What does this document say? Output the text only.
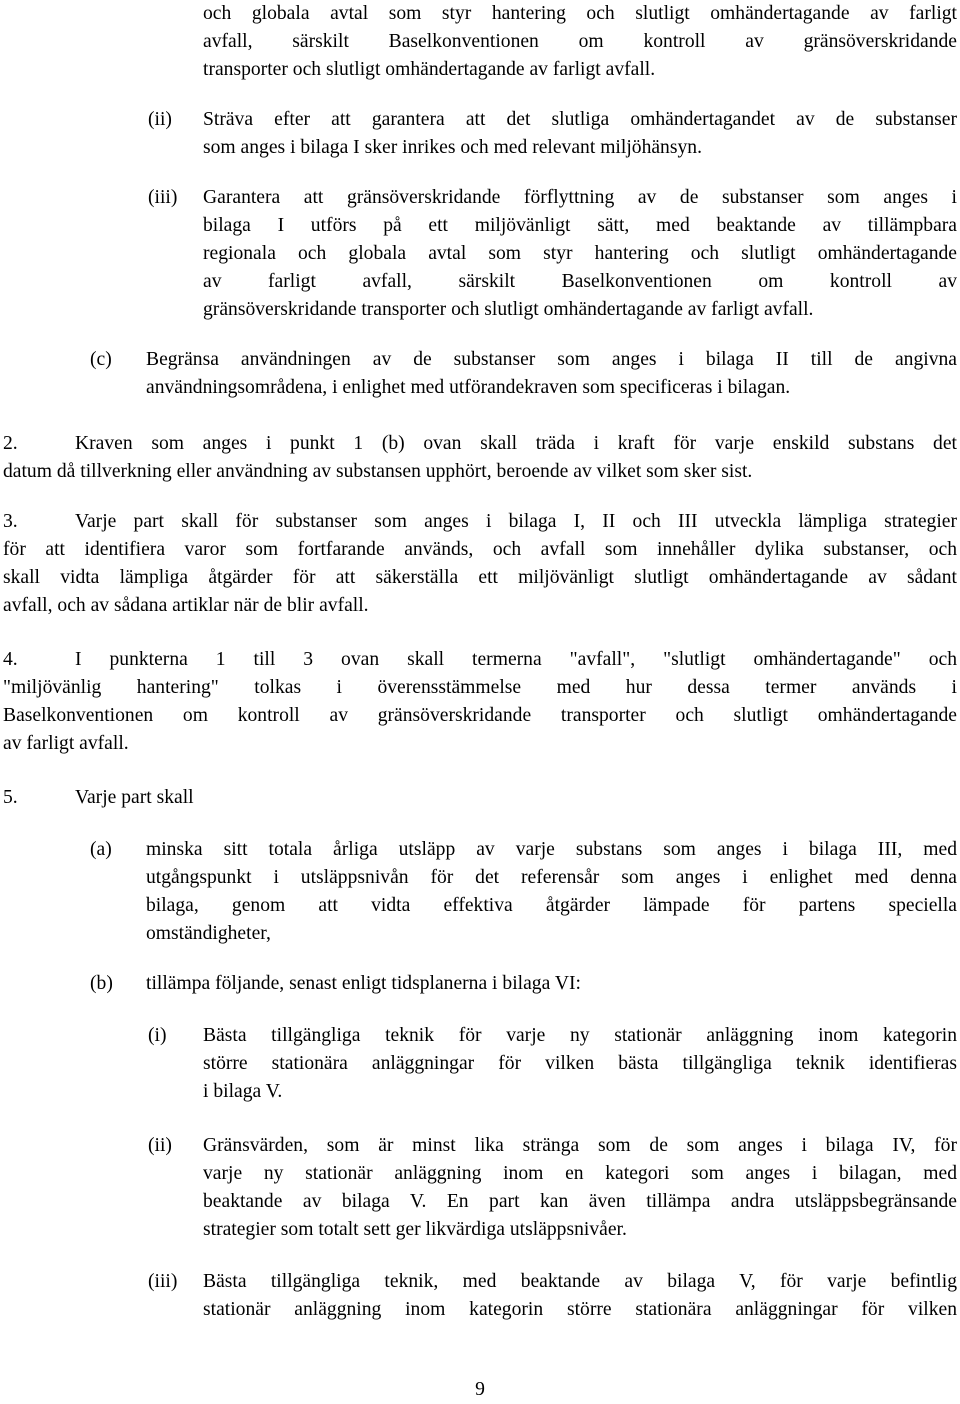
och globala avtal som styr hantering och slutligt omhändertagande av farligt
avfall, särskilt Baselkonventionen om kontroll av gränsöverskridande
transporter och slutligt omhändertagande av farligt avfall.
(ii) Sträva efter att garantera att det slutliga omhändertagandet av de substanser
som anges i bilaga I sker inrikes och med relevant miljöhänsyn.
(iii) Garantera att gränsöverskridande förflyttning av de substanser som anges i
bilaga I utförs på ett miljövänligt sätt, med beaktande av tillämpbara
regionala och globala avtal som styr hantering och slutligt omhändertagande
av farligt avfall, särskilt Baselkonventionen om kontroll av
gränsöverskridande transporter och slutligt omhändertagande av farligt avfall.
(c) Begränsa användningen av de substanser som anges i bilaga II till de angivna
användningsområdena, i enlighet med utförandekraven som specificeras i bilagan.
2.	Kraven som anges i punkt 1 (b) ovan skall träda i kraft för varje enskild substans det
datum då tillverkning eller användning av substansen upphört, beroende av vilket som sker sist.
3.	Varje part skall för substanser som anges i bilaga I, II och III utveckla lämpliga strategier
för att identifiera varor som fortfarande används, och avfall som innehåller dylika substanser, och
skall vidta lämpliga åtgärder för att säkerställa ett miljövänligt slutligt omhändertagande av sådant
avfall, och av sådana artiklar när de blir avfall.
4.	I punkterna 1 till 3 ovan skall termerna "avfall", "slutligt omhändertagande" och
"miljövänlig hantering" tolkas i överensstämmelse med hur dessa termer används i
Baselkonventionen om kontroll av gränsöverskridande transporter och slutligt omhändertagande
av farligt avfall.
5.	Varje part skall
(a) minska sitt totala årliga utsläpp av varje substans som anges i bilaga III, med
utgångspunkt i utsläppsnivån för det referensår som anges i enlighet med denna
bilaga, genom att vidta effektiva åtgärder lämpade för partens speciella
omständigheter,
(b) tillämpa följande, senast enligt tidsplanerna i bilaga VI:
(i) Bästa tillgängliga teknik för varje ny stationär anläggning inom kategorin
större stationära anläggningar för vilken bästa tillgängliga teknik identifieras
i bilaga V.
(ii) Gränsvärden, som är minst lika stränga som de som anges i bilaga IV, för
varje ny stationär anläggning inom en kategori som anges i bilagan, med
beaktande av bilaga V. En part kan även tillämpa andra utsläppsbegränsande
strategier som totalt sett ger likvärdiga utsläppsnivåer.
(iii) Bästa tillgängliga teknik, med beaktande av bilaga V, för varje befintlig
stationär anläggning inom kategorin större stationära anläggningar för vilken
9
